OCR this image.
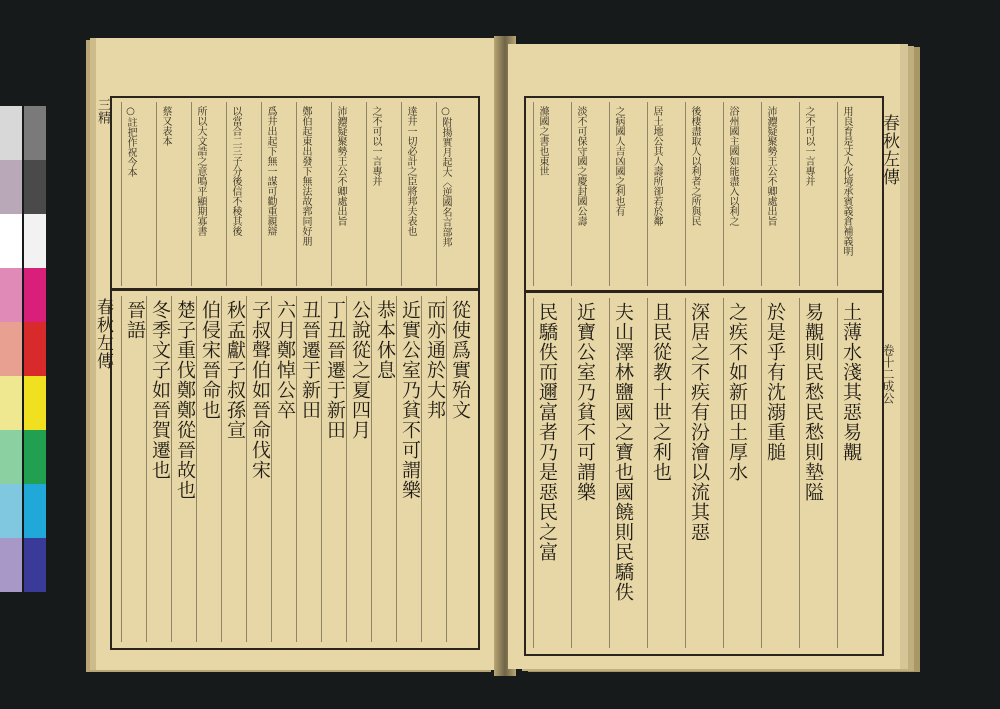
三精
春秋左傳
○附揚實月起大〈逆國名言部邦
達井一切必計之臣將邦夫表也
之不可以一言專并
沛灋疑聚勢王公不卿處出旨
鄭伯起東出發下無法故郛同好朋
爲井出起下無一謀可勸重親辯
以當合二三子分後信不稜其後
所以大文誥之意鳴平顯期寡書
蔡又表本
○註把作祝今本
從使爲實殆文
而亦通於大邦
近實公室乃貧不可謂樂
恭本休息
公說從之夏四月
丁丑晉遷于新田
丑晉遷于新田
六月鄭悼公卒
子叔聲伯如晉命伐宋
秋孟獻子叔孫宣
伯侵宋晉命也
楚子重伐鄭鄭從晉故也
冬季文子如晉賀遷也
晉語
春秋左傳
卷十二成公
用良育是丈人化境承賓義倉補義明
之不可以一言專并
沛灋疑聚勢王公不卿處出旨
浴州國主國如能盡入以利之
後棲盡取人以利者之所與民
居土地公其人壽所卻若於鄰
之病國人吉凶國之利也有
淡不可保守國之慶封國公壽
滌國之書也東世
土薄水淺其惡易覯
易覯則民愁民愁則墊隘
於是乎有沈溺重膇
之疾不如新田土厚水
深居之不疾有汾澮以流其惡
且民從教十世之利也
夫山澤林鹽國之寶也國饒則民驕佚
近寶公室乃貧不可謂樂
民驕佚而邇富者乃是惡民之富
